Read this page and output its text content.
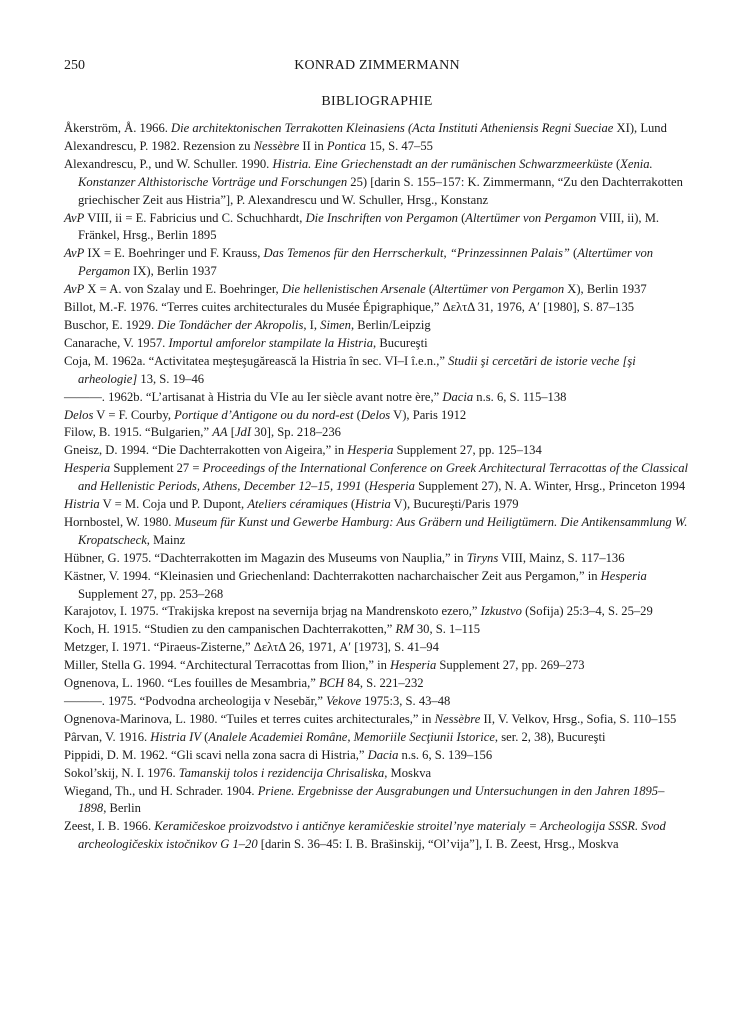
250	KONRAD ZIMMERMANN
BIBLIOGRAPHIE
Åkerström, Å. 1966. Die architektonischen Terrakotten Kleinasiens (Acta Instituti Atheniensis Regni Sueciae XI), Lund
Alexandrescu, P. 1982. Rezension zu Nessèbre II in Pontica 15, S. 47–55
Alexandrescu, P., und W. Schuller. 1990. Histria. Eine Griechenstadt an der rumänischen Schwarzmeerküste (Xenia. Konstanzer Althistorische Vorträge und Forschungen 25) [darin S. 155–157: K. Zimmermann, “Zu den Dachterrakotten griechischer Zeit aus Histria”], P. Alexandrescu und W. Schuller, Hrsg., Konstanz
AvP VIII, ii = E. Fabricius und C. Schuchhardt, Die Inschriften von Pergamon (Altertümer von Pergamon VIII, ii), M. Fränkel, Hrsg., Berlin 1895
AvP IX = E. Boehringer und F. Krauss, Das Temenos für den Herrscherkult, “Prinzessinnen Palais” (Altertümer von Pergamon IX), Berlin 1937
AvP X = A. von Szalay und E. Boehringer, Die hellenistischen Arsenale (Altertümer von Pergamon X), Berlin 1937
Billot, M.-F. 1976. “Terres cuites architecturales du Musée Épigraphique,” ΔελτΔ 31, 1976, A′ [1980], S. 87–135
Buschor, E. 1929. Die Tondächer der Akropolis, I, Simen, Berlin/Leipzig
Canarache, V. 1957. Importul amforelor stampilate la Histria, Bucureşti
Coja, M. 1962a. “Activitatea meşteşugărească la Histria în sec. VI–I î.e.n.,” Studii şi cercetări de istorie veche [şi arheologie] 13, S. 19–46
———. 1962b. “L’artisanat à Histria du VIe au Ier siècle avant notre ère,” Dacia n.s. 6, S. 115–138
Delos V = F. Courby, Portique d’Antigone ou du nord-est (Delos V), Paris 1912
Filow, B. 1915. “Bulgarien,” AA [JdI 30], Sp. 218–236
Gneisz, D. 1994. “Die Dachterrakotten von Aigeira,” in Hesperia Supplement 27, pp. 125–134
Hesperia Supplement 27 = Proceedings of the International Conference on Greek Architectural Terracottas of the Classical and Hellenistic Periods, Athens, December 12–15, 1991 (Hesperia Supplement 27), N. A. Winter, Hrsg., Princeton 1994
Histria V = M. Coja und P. Dupont, Ateliers céramiques (Histria V), Bucureşti/Paris 1979
Hornbostel, W. 1980. Museum für Kunst und Gewerbe Hamburg: Aus Gräbern und Heiligtümern. Die Antikensammlung W. Kropatscheck, Mainz
Hübner, G. 1975. “Dachterrakotten im Magazin des Museums von Nauplia,” in Tiryns VIII, Mainz, S. 117–136
Kästner, V. 1994. “Kleinasien und Griechenland: Dachterrakotten nacharchaischer Zeit aus Pergamon,” in Hesperia Supplement 27, pp. 253–268
Karajotov, I. 1975. “Trakijska krepost na severnija brjag na Mandrenskoto ezero,” Izkustvo (Sofija) 25:3–4, S. 25–29
Koch, H. 1915. “Studien zu den campanischen Dachterrakotten,” RM 30, S. 1–115
Metzger, I. 1971. “Piraeus-Zisterne,” ΔελτΔ 26, 1971, A′ [1973], S. 41–94
Miller, Stella G. 1994. “Architectural Terracottas from Ilion,” in Hesperia Supplement 27, pp. 269–273
Ognenova, L. 1960. “Les fouilles de Mesambria,” BCH 84, S. 221–232
———. 1975. “Podvodna archeologija v Nesebăr,” Vekove 1975:3, S. 43–48
Ognenova-Marinova, L. 1980. “Tuiles et terres cuites architecturales,” in Nessèbre II, V. Velkov, Hrsg., Sofia, S. 110–155
Pârvan, V. 1916. Histria IV (Analele Academiei Române, Memoriile Secţiunii Istorice, ser. 2, 38), Bucureşti
Pippidi, D. M. 1962. “Gli scavi nella zona sacra di Histria,” Dacia n.s. 6, S. 139–156
Sokol’skij, N. I. 1976. Tamanskij tolos i rezidencija Chrisaliska, Moskva
Wiegand, Th., und H. Schrader. 1904. Priene. Ergebnisse der Ausgrabungen und Untersuchungen in den Jahren 1895–1898, Berlin
Zeest, I. B. 1966. Keramičeskoe proizvodstvo i antičnye keramičeskie stroitel’nye materialy = Archeologija SSSR. Svod archeologičeskix istočnikov G 1–20 [darin S. 36–45: I. B. Brašinskij, “Ol’vija”], I. B. Zeest, Hrsg., Moskva
